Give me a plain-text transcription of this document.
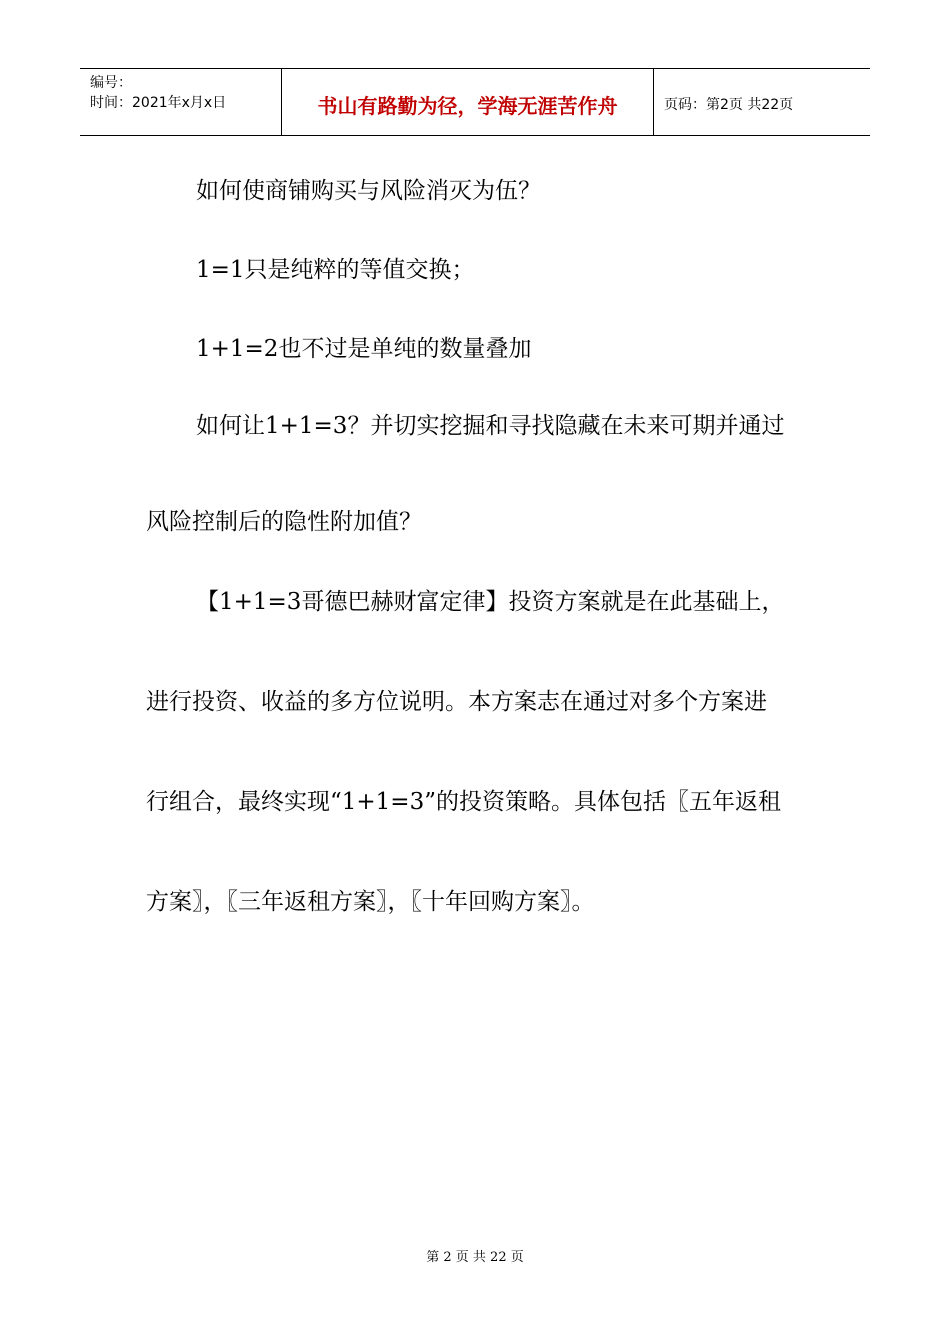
编号：
时间：2021年x月x日	书山有路勤为径，学海无涯苦作舟	页码：第2页 共22页

如何使商铺购买与风险消灭为伍？

1=1只是纯粹的等值交换；

1+1=2也不过是单纯的数量叠加

如何让1+1=3？并切实挖掘和寻找隐藏在未来可期并通过风险控制后的隐性附加值？

【1+1=3哥德巴赫财富定律】投资方案就是在此基础上，进行投资、收益的多方位说明。本方案志在通过对多个方案进行组合，最终实现“1+1=3”的投资策略。具体包括〖五年返租方案〗，〖三年返租方案〗，〖十年回购方案〗。

第 2 页 共 22 页
